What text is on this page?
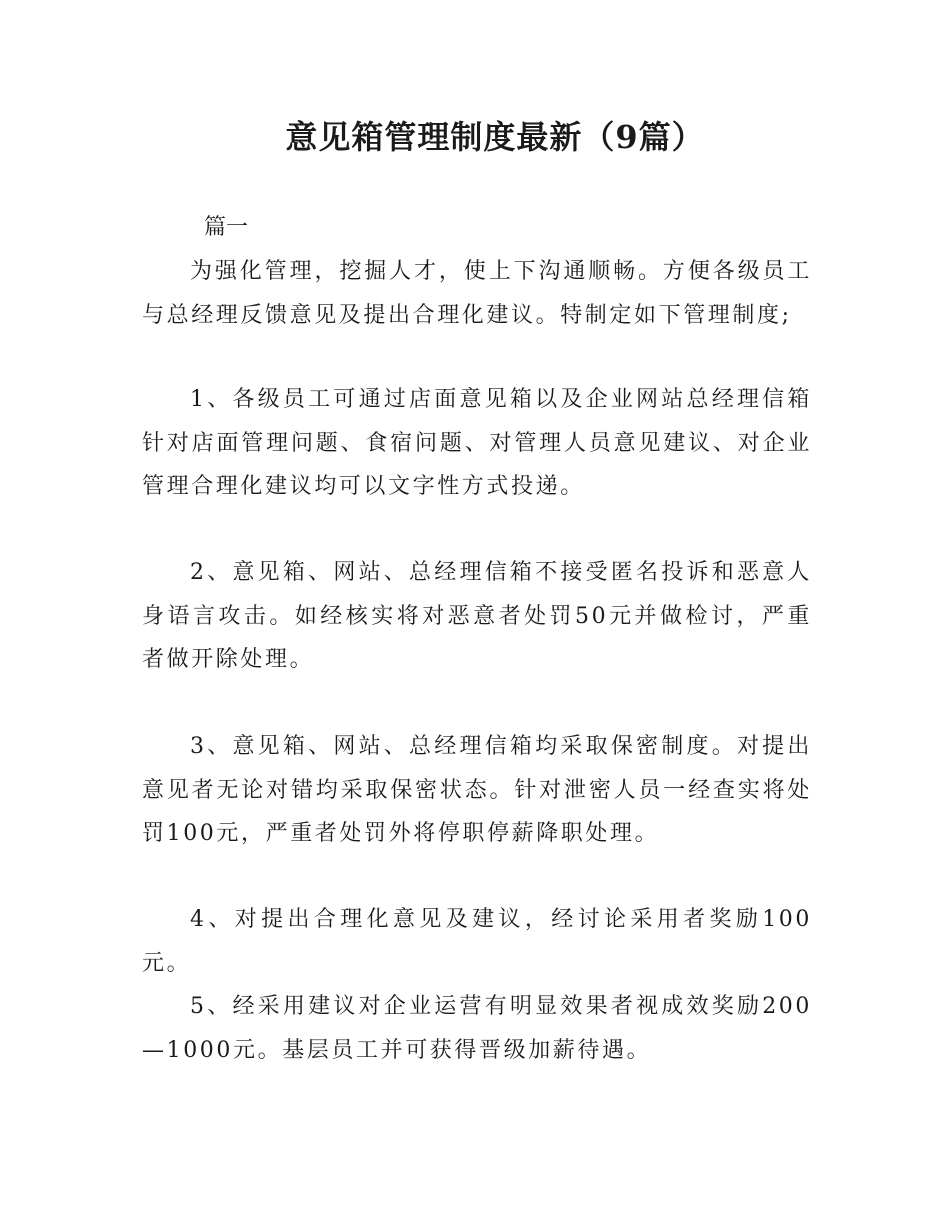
意见箱管理制度最新（9篇）
篇一

为强化管理，挖掘人才，使上下沟通顺畅。方便各级员工与总经理反馈意见及提出合理化建议。特制定如下管理制度;

1、各级员工可通过店面意见箱以及企业网站总经理信箱针对店面管理问题、食宿问题、对管理人员意见建议、对企业管理合理化建议均可以文字性方式投递。

2、意见箱、网站、总经理信箱不接受匿名投诉和恶意人身语言攻击。如经核实将对恶意者处罚50元并做检讨，严重者做开除处理。

3、意见箱、网站、总经理信箱均采取保密制度。对提出意见者无论对错均采取保密状态。针对泄密人员一经查实将处罚100元，严重者处罚外将停职停薪降职处理。

4、对提出合理化意见及建议，经讨论采用者奖励100元。

5、经采用建议对企业运营有明显效果者视成效奖励200—1000元。基层员工并可获得晋级加薪待遇。
